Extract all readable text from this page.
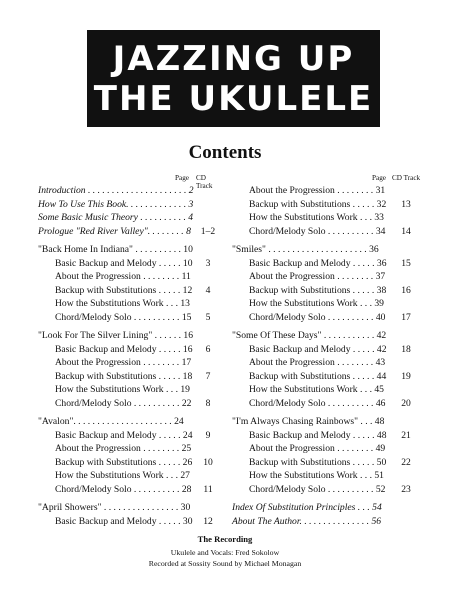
JAZZING UP
THE UKULELE
Contents
Page CD Track
Introduction . . . . . . . . . . . . . . . . . . . . . 2
How To Use This Book. . . . . . . . . . . . . 3
Some Basic Music Theory . . . . . . . . . . 4
Prologue "Red River Valley". . . . . . . . 8 1–2
"Back Home In Indiana" . . . . . . . . . . 10
Basic Backup and Melody . . . . . 10	3
About the Progression . . . . . . . . 11
Backup with Substitutions . . . . . 12	4
How the Substitutions Work . . . 13
Chord/Melody Solo . . . . . . . . . . 15	5
"Look For The Silver Lining" . . . . . . 16
Basic Backup and Melody . . . . . 16	6
About the Progression . . . . . . . . 17
Backup with Substitutions . . . . . 18	7
How the Substitutions Work . . . 19
Chord/Melody Solo . . . . . . . . . . 22	8
"Avalon". . . . . . . . . . . . . . . . . . . . . 24
Basic Backup and Melody . . . . . 24	9
About the Progression . . . . . . . . 25
Backup with Substitutions . . . . . 26	10
How the Substitutions Work . . . 27
Chord/Melody Solo . . . . . . . . . . 28	11
"April Showers" . . . . . . . . . . . . . . . . 30
Basic Backup and Melody . . . . . 30	12
Page CD Track
About the Progression . . . . . . . . 31
Backup with Substitutions . . . . . 32	13
How the Substitutions Work . . . 33
Chord/Melody Solo . . . . . . . . . . 34	14
"Smiles" . . . . . . . . . . . . . . . . . . . . . 36
Basic Backup and Melody . . . . . 36	15
About the Progression . . . . . . . . 37
Backup with Substitutions . . . . . 38	16
How the Substitutions Work . . . 39
Chord/Melody Solo . . . . . . . . . . 40	17
"Some Of These Days" . . . . . . . . . . . 42
Basic Backup and Melody . . . . . 42	18
About the Progression . . . . . . . . 43
Backup with Substitutions . . . . . 44	19
How the Substitutions Work . . . 45
Chord/Melody Solo . . . . . . . . . . 46	20
"I'm Always Chasing Rainbows" . . . 48
Basic Backup and Melody . . . . . 48	21
About the Progression . . . . . . . . 49
Backup with Substitutions . . . . . 50	22
How the Substitutions Work . . . 51
Chord/Melody Solo . . . . . . . . . . 52	23
Index Of Substitution Principles . . . 54
About The Author. . . . . . . . . . . . . . . 56
The Recording
Ukulele and Vocals: Fred Sokolow
Recorded at Sossity Sound by Michael Monagan
